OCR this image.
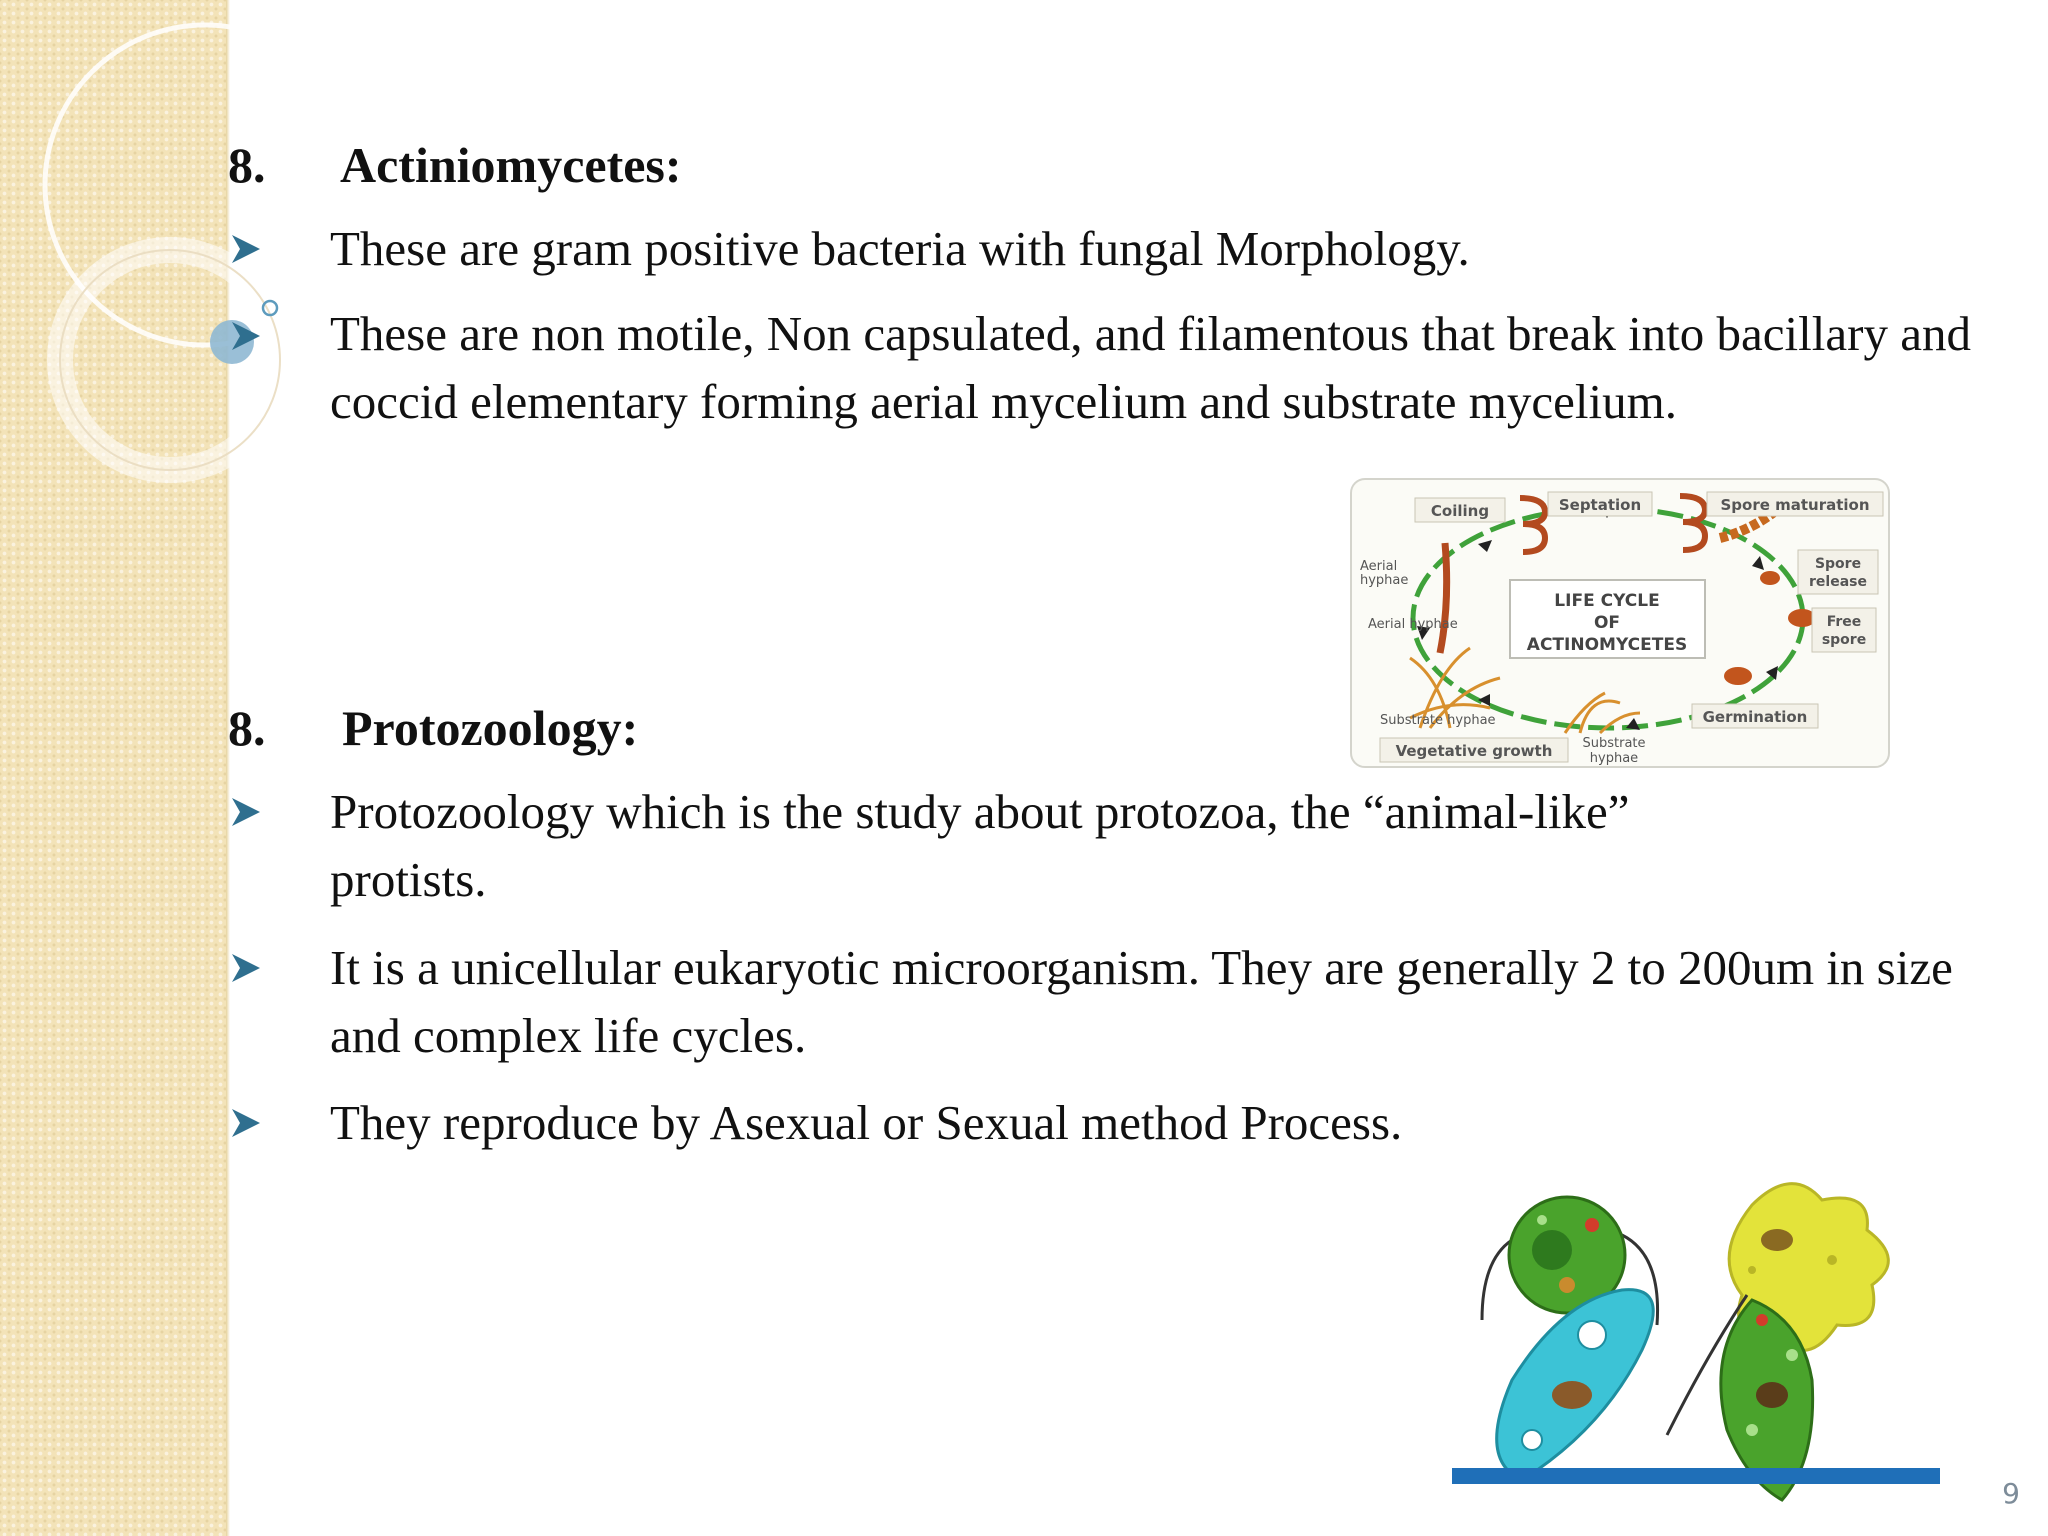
8. Actiniomycetes:
These are gram positive bacteria with fungal Morphology.
These are non motile, Non capsulated, and filamentous that break into bacillary and coccid elementary forming aerial mycelium and substrate mycelium.
LIFE CYCLE
OF
ACTINOMYCETES
Coiling	Septation	Spore maturation
Spore
release
Free
spore
Germination
Substrate
hyphae
Vegetative growth
Substrate hyphae
Aerial
hyphae
Aerial hyphae
8. Protozoology:
Protozoology which is the study about protozoa, the “animal-like” protists.
It is a unicellular eukaryotic microorganism. They are generally 2 to 200um in size and complex life cycles.
They reproduce by Asexual or Sexual method Process.
9
